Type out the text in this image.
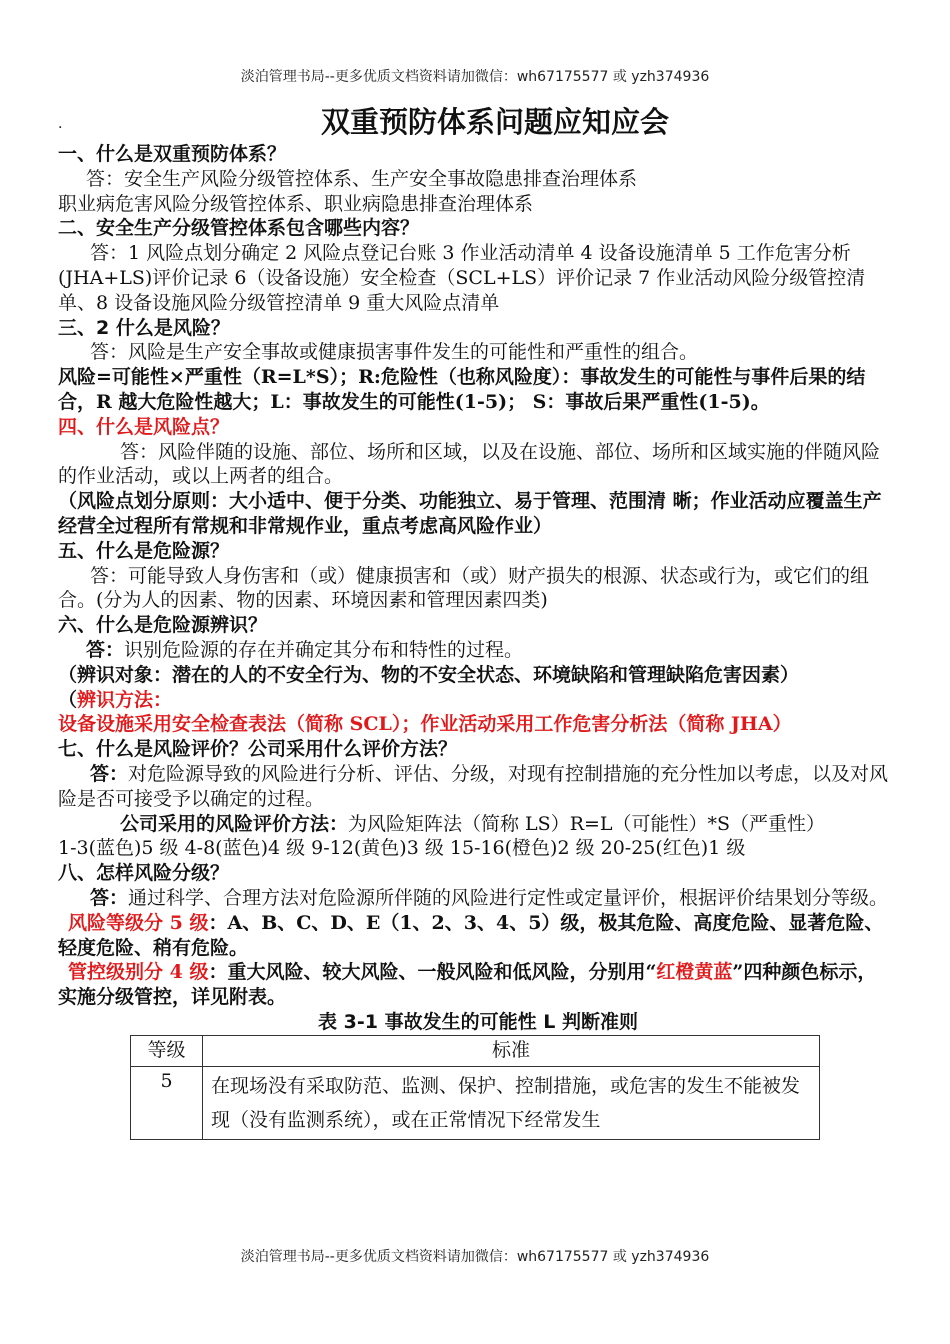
淡泊管理书局--更多优质文档资料请加微信：wh67175577 或 yzh374936
.	双重预防体系问题应知应会

一、什么是双重预防体系？

答：安全生产风险分级管控体系、生产安全事故隐患排查治理体系

职业病危害风险分级管控体系、职业病隐患排查治理体系

二、安全生产分级管控体系包含哪些内容？

答：1 风险点划分确定 2 风险点登记台账 3 作业活动清单 4 设备设施清单 5 工作危害分析(JHA+LS)评价记录 6（设备设施）安全检查（SCL+LS）评价记录 7 作业活动风险分级管控清单、8 设备设施风险分级管控清单 9 重大风险点清单

三、2 什么是风险？

答：风险是生产安全事故或健康损害事件发生的可能性和严重性的组合。

风险=可能性×严重性（R=L*S）；R:危险性（也称风险度）：事故发生的可能性与事件后果的结合，R 越大危险性越大；L：事故发生的可能性(1-5)； S：事故后果严重性(1-5)。

四、什么是风险点？

答：风险伴随的设施、部位、场所和区域，以及在设施、部位、场所和区域实施的伴随风险的作业活动，或以上两者的组合。

（风险点划分原则：大小适中、便于分类、功能独立、易于管理、范围清 晰；作业活动应覆盖生产经营全过程所有常规和非常规作业，重点考虑高风险作业）

五、什么是危险源？

答：可能导致人身伤害和（或）健康损害和（或）财产损失的根源、状态或行为，或它们的组合。(分为人的因素、物的因素、环境因素和管理因素四类)

六、什么是危险源辨识？

答：识别危险源的存在并确定其分布和特性的过程。

（辨识对象：潜在的人的不安全行为、物的不安全状态、环境缺陷和管理缺陷危害因素）

（辨识方法：设备设施采用安全检查表法（简称 SCL）；作业活动采用工作危害分析法（简称 JHA）

七、什么是风险评价？公司采用什么评价方法？

答：对危险源导致的风险进行分析、评估、分级，对现有控制措施的充分性加以考虑，以及对风险是否可接受予以确定的过程。

公司采用的风险评价方法：为风险矩阵法（简称 LS）R=L（可能性）*S（严重性）

1-3(蓝色)5 级 4-8(蓝色)4 级 9-12(黄色)3 级 15-16(橙色)2 级 20-25(红色)1 级

八、怎样风险分级？

答：通过科学、合理方法对危险源所伴随的风险进行定性或定量评价，根据评价结果划分等级。

风险等级分 5 级：A、B、C、D、E（1、2、3、4、5）级，极其危险、高度危险、显著危险、轻度危险、稍有危险。

管控级别分 4 级：重大风险、较大风险、一般风险和低风险，分别用“红橙黄蓝”四种颜色标示， 实施分级管控，详见附表。

表 3-1 事故发生的可能性 L 判断准则

等级	标准
5	在现场没有采取防范、监测、保护、控制措施，或危害的发生不能被发现（没有监测系统），或在正常情况下经常发生
淡泊管理书局--更多优质文档资料请加微信：wh67175577 或 yzh374936
